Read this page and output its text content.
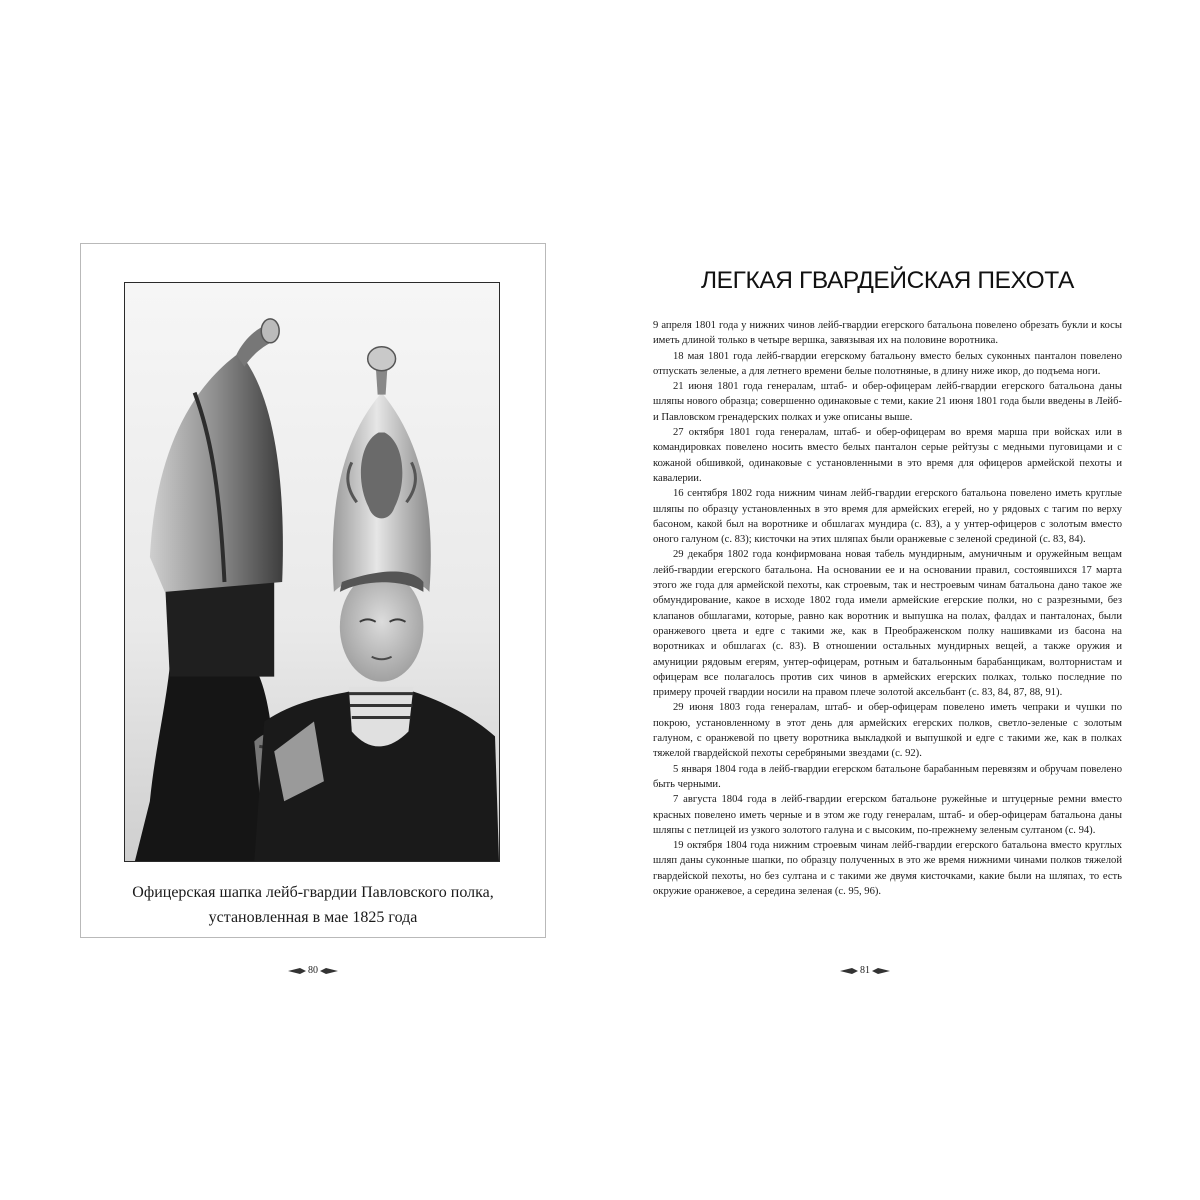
Офицерская шапка лейб-гвардии Павловского полка,
установленная в мае 1825 года
80
ЛЕГКАЯ ГВАРДЕЙСКАЯ ПЕХОТА

9 апреля 1801 года у нижних чинов лейб-гвардии егерского батальона повелено обрезать букли и косы иметь длиной только в четыре вершка, завязывая их на половине воротника.

18 мая 1801 года лейб-гвардии егерскому батальону вместо белых суконных панталон повелено отпускать зеленые, а для летнего времени белые полотняные, в длину ниже икор, до подъема ноги.

21 июня 1801 года генералам, штаб- и обер-офицерам лейб-гвардии егерского батальона даны шляпы нового образца; совершенно одинаковые с теми, какие 21 июня 1801 года были введены в Лейб- и Павловском гренадерских полках и уже описаны выше.

27 октября 1801 года генералам, штаб- и обер-офицерам во время марша при войсках или в командировках повелено носить вместо белых панталон серые рейтузы с медными пуговицами и с кожаной обшивкой, одинаковые с установленными в это время для офицеров армейской пехоты и кавалерии.

16 сентября 1802 года нижним чинам лейб-гвардии егерского батальона повелено иметь круглые шляпы по образцу установленных в это время для армейских егерей, но у рядовых с тагим по верху басоном, какой был на воротнике и обшлагах мундира (с. 83), а у унтер-офицеров с золотым вместо оного галуном (с. 83); кисточки на этих шляпах были оранжевые с зеленой срединой (с. 83, 84).

29 декабря 1802 года конфирмована новая табель мундирным, амуничным и оружейным вещам лейб-гвардии егерского батальона. На основании ее и на основании правил, состоявшихся 17 марта этого же года для армейской пехоты, как строевым, так и нестроевым чинам батальона дано такое же обмундирование, какое в исходе 1802 года имели армейские егерские полки, но с разрезными, без клапанов обшлагами, которые, равно как воротник и выпушка на полах, фалдах и панталонах, были оранжевого цвета и едге с такими же, как в Преображенском полку нашивками из басона на воротниках и обшлагах (с. 83). В отношении остальных мундирных вещей, а также оружия и амуниции рядовым егерям, унтер-офицерам, ротным и батальонным барабанщикам, волторнистам и офицерам все полагалось против сих чинов в армейских егерских полках, только последние по примеру прочей гвардии носили на правом плече золотой аксельбант (с. 83, 84, 87, 88, 91).

29 июня 1803 года генералам, штаб- и обер-офицерам повелено иметь чепраки и чушки по покрою, установленному в этот день для армейских егерских полков, светло-зеленые с золотым галуном, с оранжевой по цвету воротника выкладкой и выпушкой и едге с такими же, как в полках тяжелой гвардейской пехоты серебряными звездами (с. 92).

5 января 1804 года в лейб-гвардии егерском батальоне барабанным перевязям и обручам повелено быть черными.

7 августа 1804 года в лейб-гвардии егерском батальоне ружейные и штуцерные ремни вместо красных повелено иметь черные и в этом же году генералам, штаб- и обер-офицерам батальона даны шляпы с петлицей из узкого золотого галуна и с высоким, по-прежнему зеленым султаном (с. 94).

19 октября 1804 года нижним строевым чинам лейб-гвардии егерского батальона вместо круглых шляп даны суконные шапки, по образцу полученных в это же время нижними чинами полков тяжелой гвардейской пехоты, но без султана и с такими же двумя кисточками, какие были на шляпах, то есть окружие оранжевое, а середина зеленая (с. 95, 96).

81
